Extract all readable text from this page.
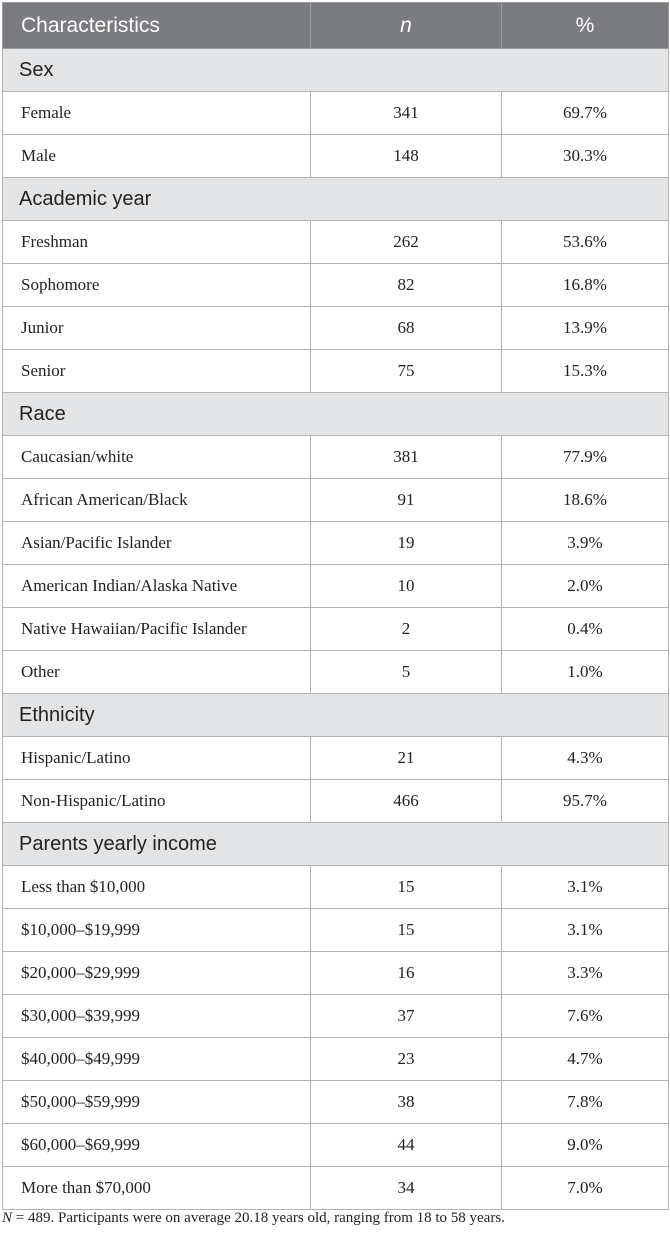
Characteristics	n	%
Sex		
Female	341	69.7%
Male	148	30.3%
Academic year		
Freshman	262	53.6%
Sophomore	82	16.8%
Junior	68	13.9%
Senior	75	15.3%
Race		
Caucasian/white	381	77.9%
African American/Black	91	18.6%
Asian/Pacific Islander	19	3.9%
American Indian/Alaska Native	10	2.0%
Native Hawaiian/Pacific Islander	2	0.4%
Other	5	1.0%
Ethnicity		
Hispanic/Latino	21	4.3%
Non-Hispanic/Latino	466	95.7%
Parents yearly income		
Less than $10,000	15	3.1%
$10,000–$19,999	15	3.1%
$20,000–$29,999	16	3.3%
$30,000–$39,999	37	7.6%
$40,000–$49,999	23	4.7%
$50,000–$59,999	38	7.8%
$60,000–$69,999	44	9.0%
More than $70,000	34	7.0%
N = 489. Participants were on average 20.18 years old, ranging from 18 to 58 years.
